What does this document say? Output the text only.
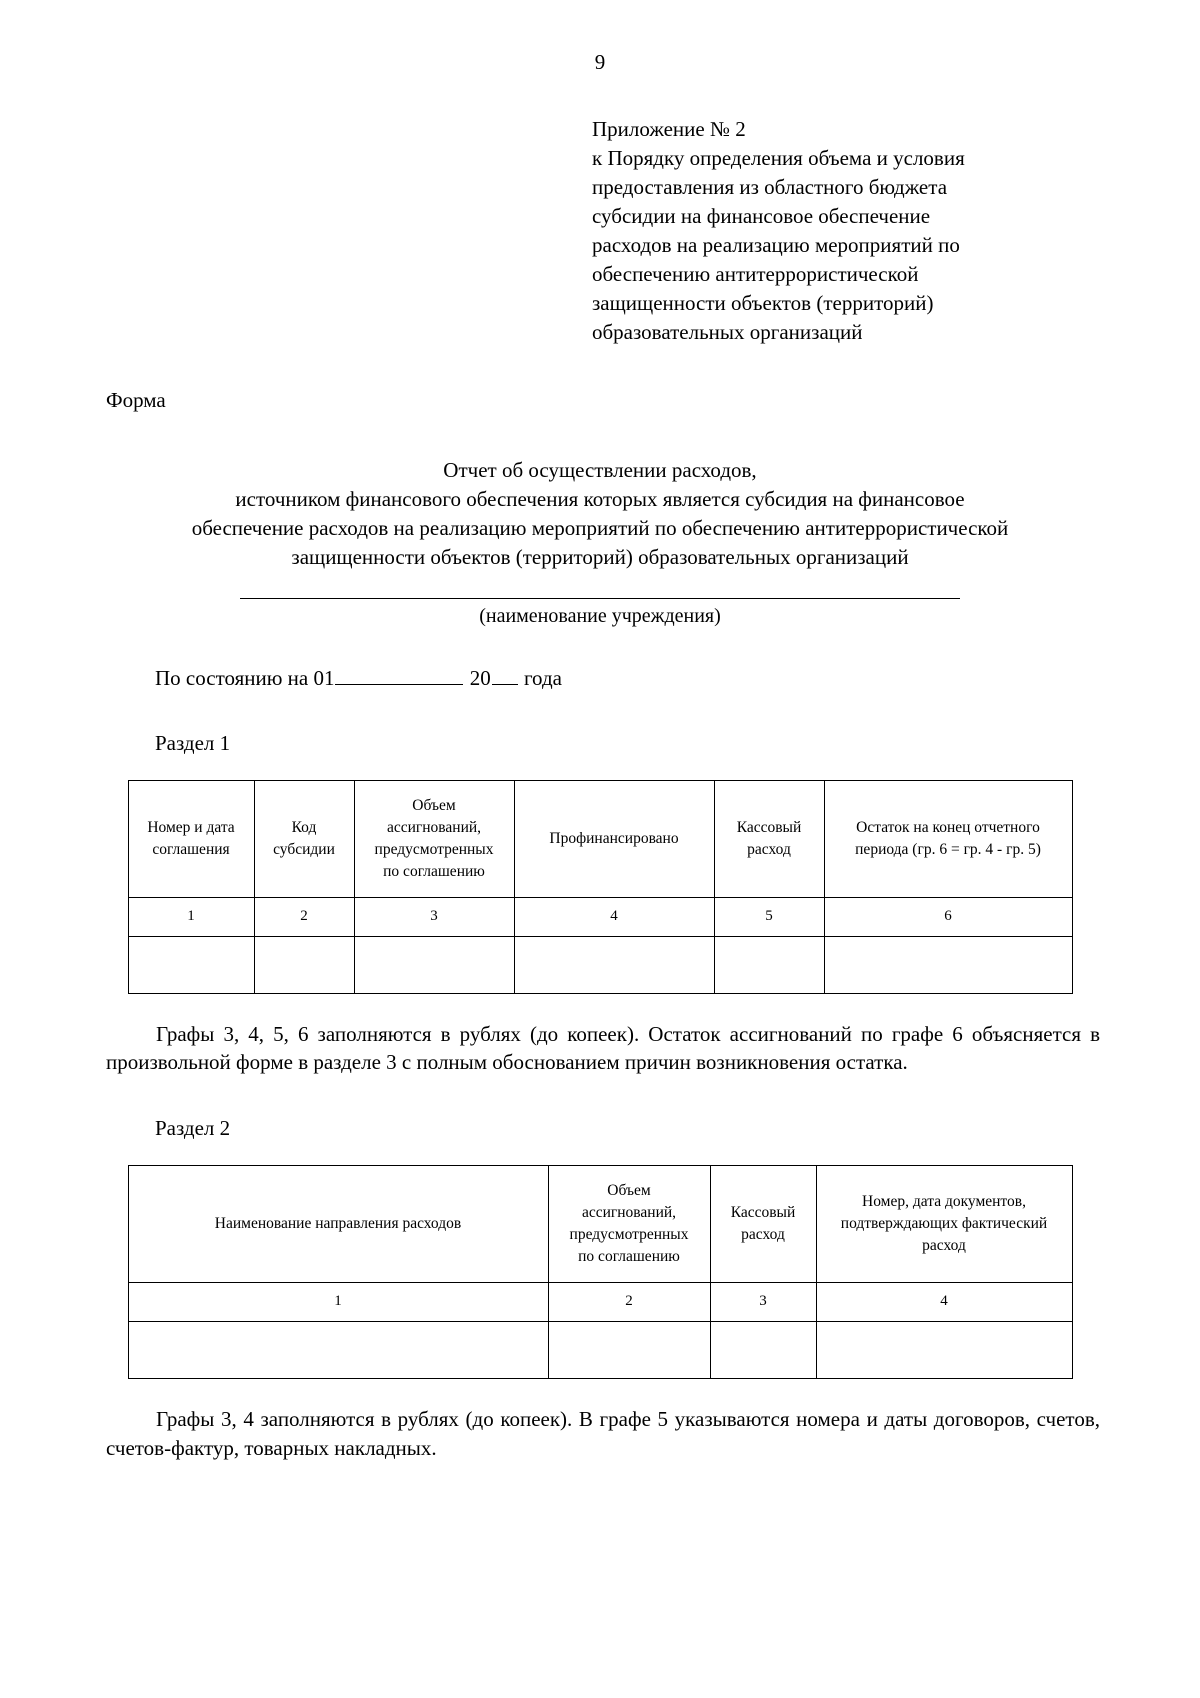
9
Приложение № 2
к Порядку определения объема и условия
предоставления из областного бюджета
субсидии на финансовое обеспечение
расходов на реализацию мероприятий по
обеспечению антитеррористической
защищенности объектов (территорий)
образовательных организаций
Форма
Отчет об осуществлении расходов,
источником финансового обеспечения которых является субсидия на финансовое
обеспечение расходов на реализацию мероприятий по обеспечению антитеррористической
защищенности объектов (территорий) образовательных организаций
(наименование учреждения)
По состоянию на 01	20 года
Раздел 1
Номер и дата
соглашения	Код
субсидии	Объем
ассигнований,
предусмотренных
по соглашению	Профинансировано	Кассовый
расход	Остаток на конец отчетного
периода (гр. 6 = гр. 4 - гр. 5)

1	2	3	4	5	6

Графы 3, 4, 5, 6 заполняются в рублях (до копеек). Остаток ассигнований по графе 6 объясняется в произвольной форме в разделе 3 с полным обоснованием причин возникновения остатка.
Раздел 2
Наименование направления расходов	Объем
ассигнований,
предусмотренных
по соглашению	Кассовый
расход	Номер, дата документов,
подтверждающих фактический
расход

1	2	3	4

Графы 3, 4 заполняются в рублях (до копеек). В графе 5 указываются номера и даты договоров, счетов, счетов-фактур, товарных накладных.
